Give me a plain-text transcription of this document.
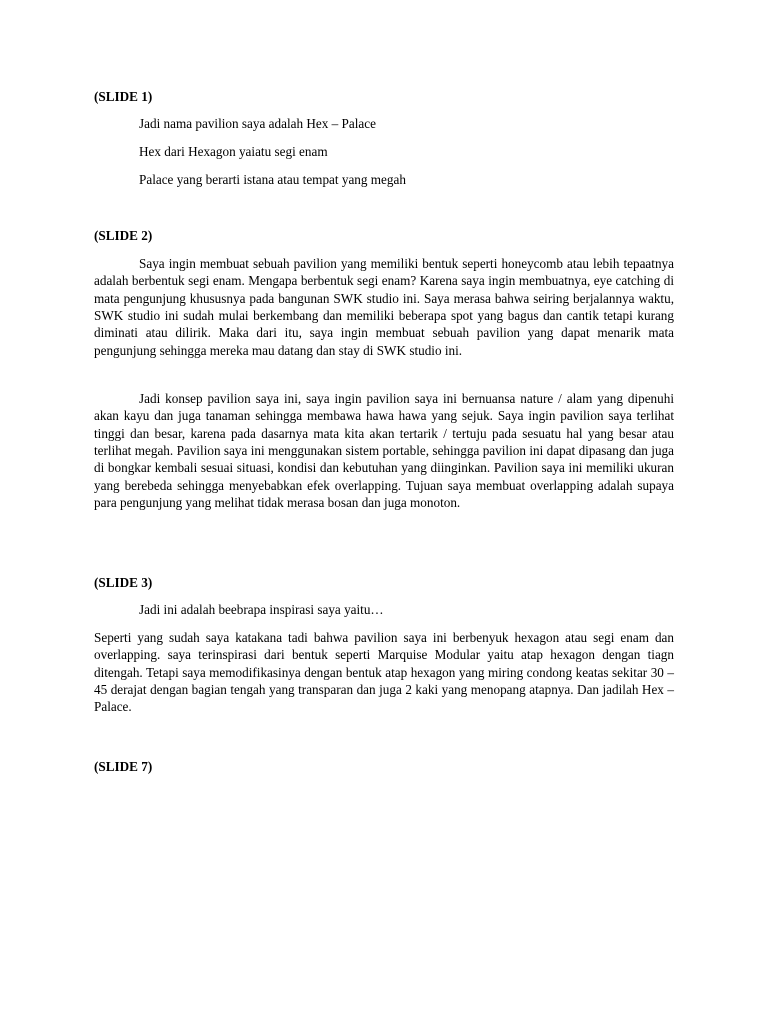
(SLIDE 1)

Jadi nama pavilion saya adalah Hex – Palace

Hex dari Hexagon yaiatu segi enam

Palace yang berarti istana atau tempat yang megah

(SLIDE 2)

Saya ingin membuat sebuah pavilion yang memiliki bentuk seperti honeycomb atau lebih tepaatnya adalah berbentuk segi enam. Mengapa berbentuk segi enam? Karena saya ingin membuatnya, eye catching di mata pengunjung khususnya pada bangunan SWK studio ini. Saya merasa bahwa seiring berjalannya waktu, SWK studio ini sudah mulai berkembang dan memiliki beberapa spot yang bagus dan cantik tetapi kurang diminati atau dilirik. Maka dari itu, saya ingin membuat sebuah pavilion yang dapat menarik mata pengunjung sehingga mereka mau datang dan stay di SWK studio ini.

Jadi konsep pavilion saya ini, saya ingin pavilion saya ini bernuansa nature / alam yang dipenuhi akan kayu dan juga tanaman sehingga membawa hawa hawa yang sejuk. Saya ingin pavilion saya terlihat tinggi dan besar, karena pada dasarnya mata kita akan tertarik / tertuju pada sesuatu hal yang besar atau terlihat megah. Pavilion saya ini menggunakan sistem portable, sehingga pavilion ini dapat dipasang dan juga di bongkar kembali sesuai situasi, kondisi dan kebutuhan yang diinginkan. Pavilion saya ini memiliki ukuran yang berebeda sehingga menyebabkan efek overlapping. Tujuan saya membuat overlapping adalah supaya para pengunjung yang melihat tidak merasa bosan dan juga monoton.

(SLIDE 3)

Jadi ini adalah beebrapa inspirasi saya yaitu…

Seperti yang sudah saya katakana tadi bahwa pavilion saya ini berbenyuk hexagon atau segi enam dan overlapping. saya terinspirasi dari bentuk seperti Marquise Modular yaitu atap hexagon dengan tiagn ditengah. Tetapi saya memodifikasinya dengan bentuk atap hexagon yang miring condong keatas sekitar 30 – 45 derajat dengan bagian tengah yang transparan dan juga 2 kaki yang menopang atapnya. Dan jadilah Hex – Palace.

(SLIDE 7)
